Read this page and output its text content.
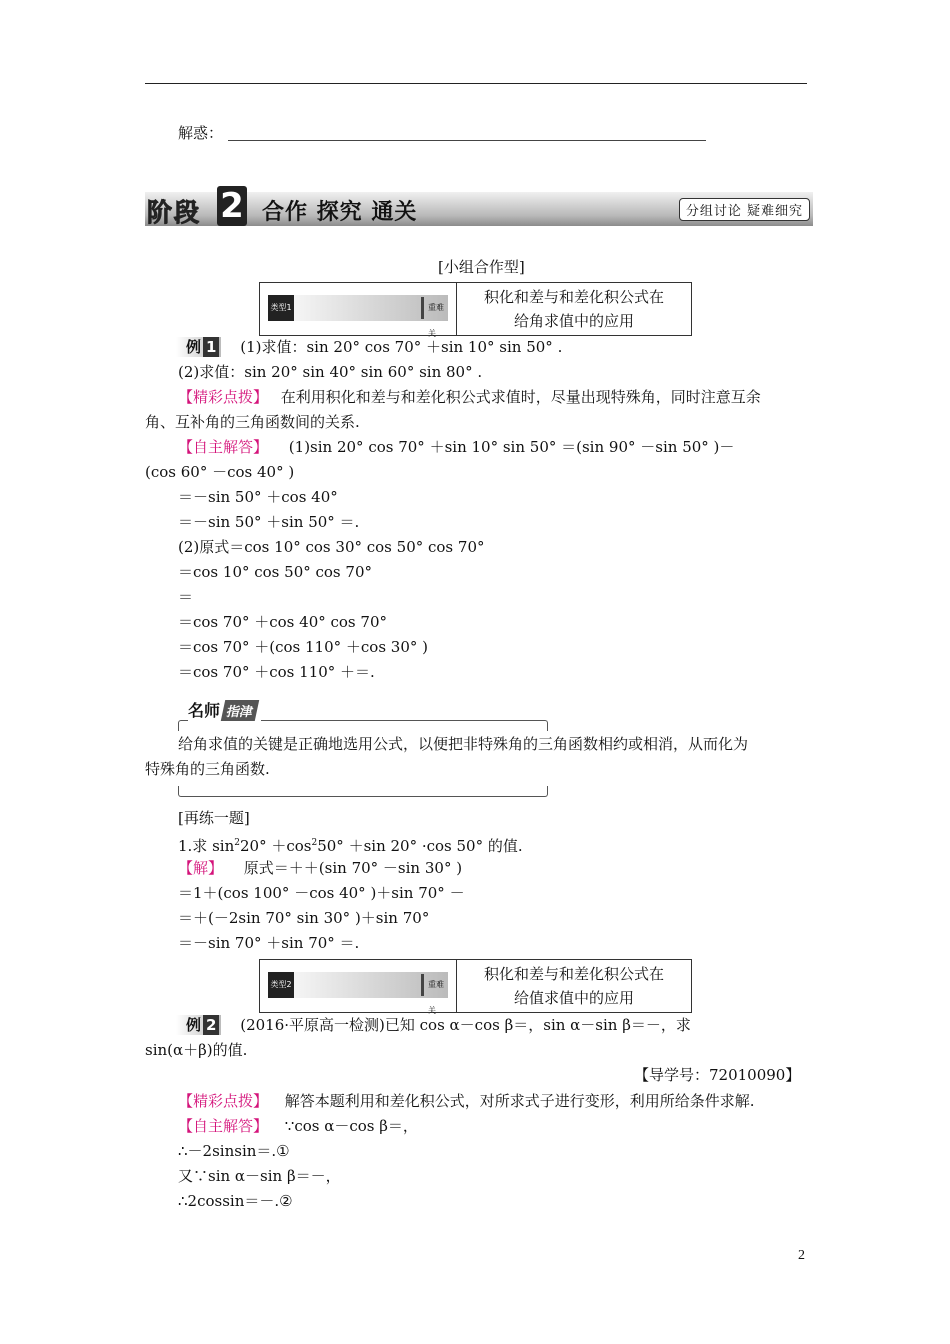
解惑：
阶段 2 合作 探究 通关	分组讨论 疑难细究
[小组合作型]
类型1	重难关
积化和差与和差化积公式在
给角求值中的应用
例 1 (1)求值：sin 20° cos 70° ＋sin 10° sin 50° .
(2)求值：sin 20° sin 40° sin 60° sin 80° .
【精彩点拨】 在利用积化和差与和差化积公式求值时，尽量出现特殊角，同时注意互余
角、互补角的三角函数间的关系.
【自主解答】 (1)sin 20° cos 70° ＋sin 10° sin 50° ＝(sin 90° －sin 50° )－
(cos 60° －cos 40° )
＝－sin 50° ＋cos 40°
＝－sin 50° ＋sin 50° ＝.
(2)原式＝cos 10° cos 30° cos 50° cos 70°
＝cos 10° cos 50° cos 70°
＝
＝cos 70° ＋cos 40° cos 70°
＝cos 70° ＋(cos 110° ＋cos 30° )
＝cos 70° ＋cos 110° ＋＝.
名师 指津
给角求值的关键是正确地选用公式，以便把非特殊角的三角函数相约或相消，从而化为
特殊角的三角函数.
[再练一题]
1.求 $\sin^220^\circ +\cos^250^\circ +\sin$ 20° ·cos 50° 的值.
【解】 原式＝＋＋(sin 70° －sin 30° )
＝1＋(cos 100° －cos 40° )＋sin 70° －
＝＋(－2sin 70° sin 30° )＋sin 70°
＝－sin 70° ＋sin 70° ＝.
类型2	重难关
积化和差与和差化积公式在
给值求值中的应用
例 2 (2016·平原高一检测)已知 cos α－cos β＝，sin α－sin β＝－，求
sin(α＋β)的值.
【导学号：72010090】
【精彩点拨】 解答本题利用和差化积公式，对所求式子进行变形，利用所给条件求解.
【自主解答】 ∵cos α－cos β＝，
∴－2sinsin＝.①
又∵sin α－sin β＝－，
∴2cossin＝－.②
2
